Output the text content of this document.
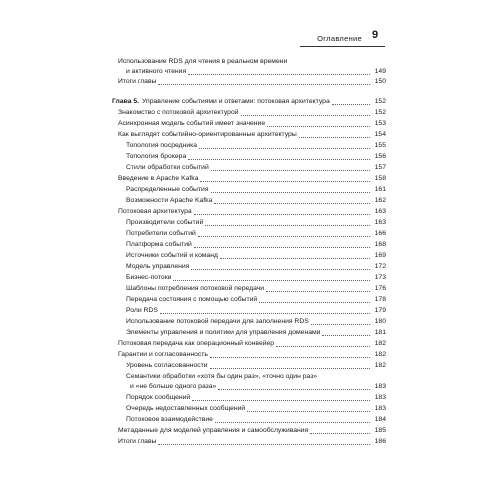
Оглавление 9
Использование RDS для чтения в реальном времени
и активного чтения	149
Итоги главы	150
Глава 5. Управление событиями и ответами: потоковая архитектура	152
Знакомство с потоковой архитектурой	152
Асинхронная модель событий имеет значение	153
Как выглядят событийно-ориентированные архитектуры	154
Топология посредника	155
Топология брокера	156
Стили обработки событий	157
Введение в Apache Kafka	158
Распределенные события	161
Возможности Apache Kafka	162
Потоковая архитектура	163
Производители событий	163
Потребители событий	166
Платформа событий	168
Источники событий и команд	169
Модель управления	172
Бизнес-потоки	173
Шаблоны потребления потоковой передачи	176
Передача состояния с помощью событий	178
Роли RDS	179
Использование потоковой передачи для заполнения RDS	180
Элементы управления и политики для управления доменами	181
Потоковая передача как операционный конвейер	182
Гарантии и согласованность	182
Уровень согласованности	182
Семантики обработки «хотя бы один раз», «точно один раз»
и «не больше одного раза»	183
Порядок сообщений	183
Очередь недоставленных сообщений	183
Потоковое взаимодействие	184
Метаданные для моделей управления и самообслуживания	185
Итоги главы	186
